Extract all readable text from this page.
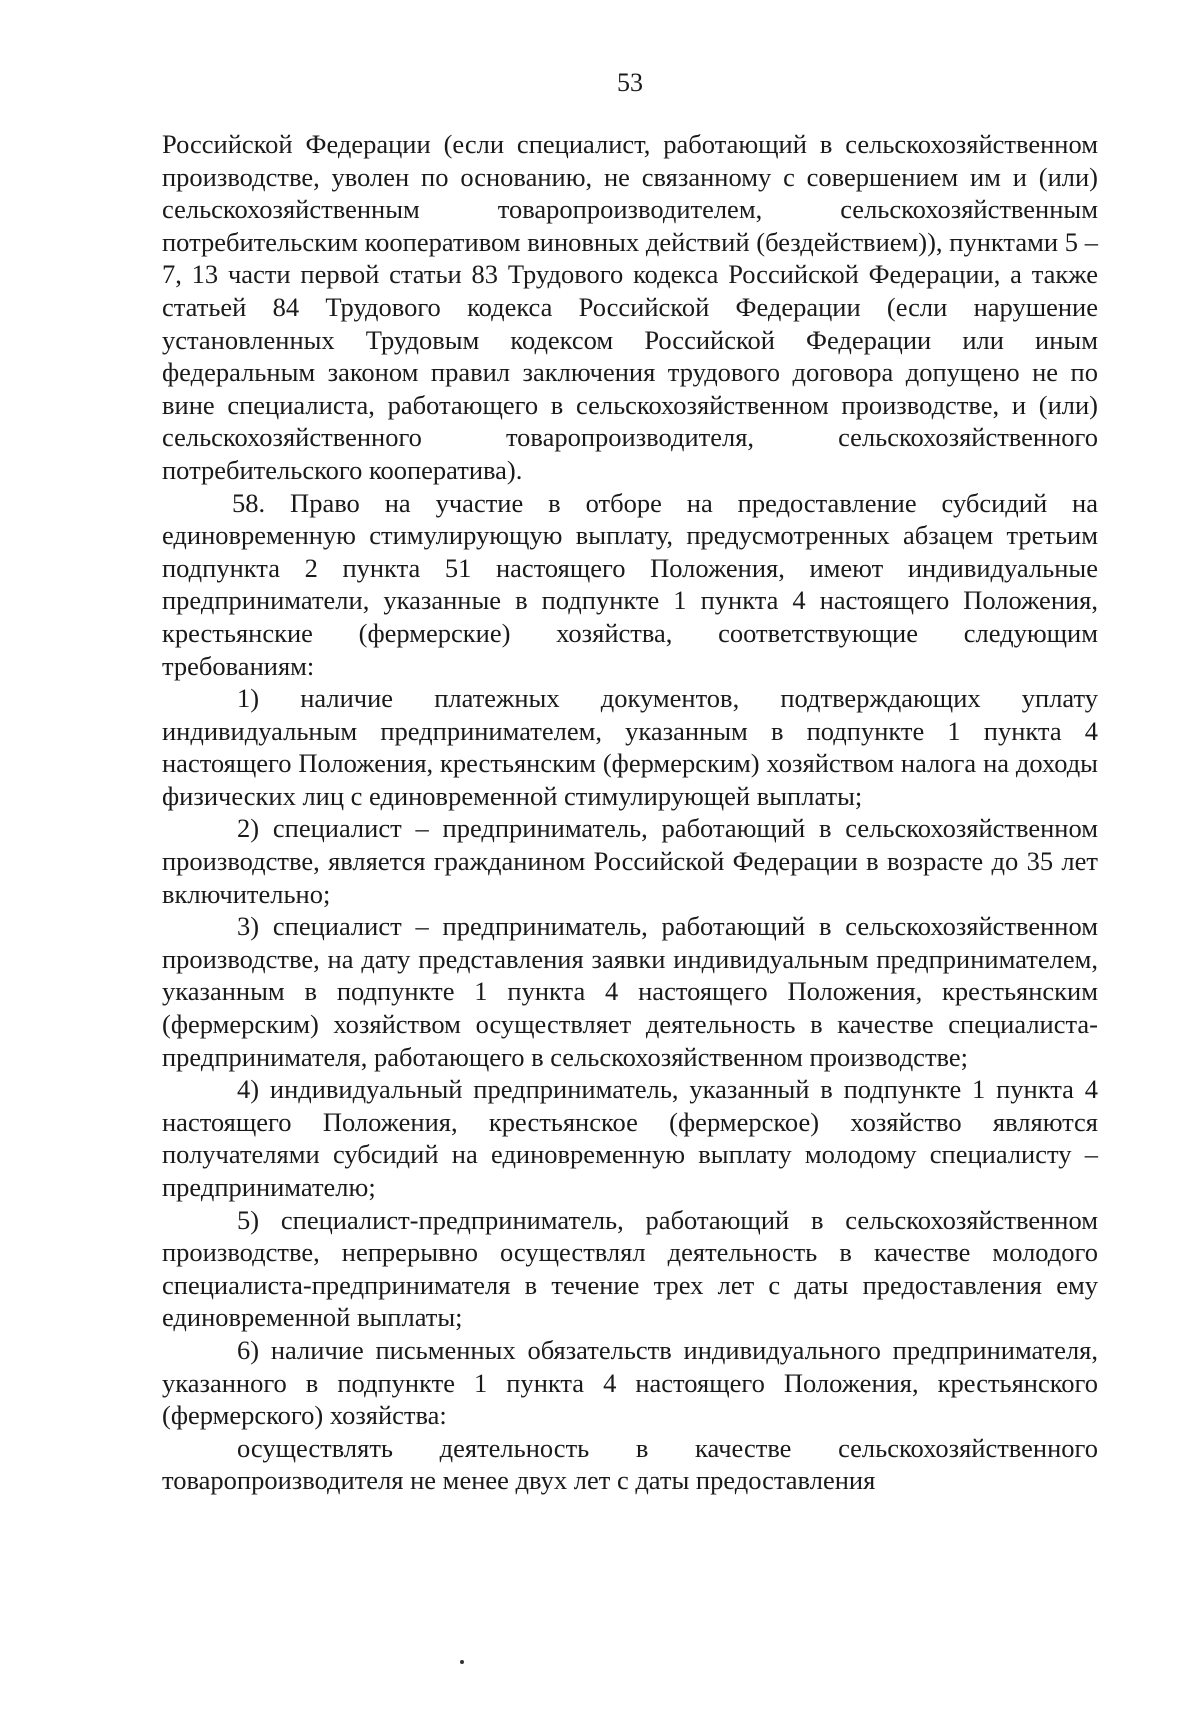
53

Российской Федерации (если специалист, работающий в сельскохозяйственном производстве, уволен по основанию, не связанному с совершением им и (или) сельскохозяйственным товаропроизводителем, сельскохозяйственным потребительским кооперативом виновных действий (бездействием)), пунктами 5 – 7, 13 части первой статьи 83 Трудового кодекса Российской Федерации, а также статьей 84 Трудового кодекса Российской Федерации (если нарушение установленных Трудовым кодексом Российской Федерации или иным федеральным законом правил заключения трудового договора допущено не по вине специалиста, работающего в сельскохозяйственном производстве, и (или) сельскохозяйственного товаропроизводителя, сельскохозяйственного потребительского кооператива).

58. Право на участие в отборе на предоставление субсидий на единовременную стимулирующую выплату, предусмотренных абзацем третьим подпункта 2 пункта 51 настоящего Положения, имеют индивидуальные предприниматели, указанные в подпункте 1 пункта 4 настоящего Положения, крестьянские (фермерские) хозяйства, соответствующие следующим требованиям:

1) наличие платежных документов, подтверждающих уплату индивидуальным предпринимателем, указанным в подпункте 1 пункта 4 настоящего Положения, крестьянским (фермерским) хозяйством налога на доходы физических лиц с единовременной стимулирующей выплаты;

2) специалист – предприниматель, работающий в сельскохозяйственном производстве, является гражданином Российской Федерации в возрасте до 35 лет включительно;

3) специалист – предприниматель, работающий в сельскохозяйственном производстве, на дату представления заявки индивидуальным предпринимателем, указанным в подпункте 1 пункта 4 настоящего Положения, крестьянским (фермерским) хозяйством осуществляет деятельность в качестве специалиста-предпринимателя, работающего в сельскохозяйственном производстве;

4) индивидуальный предприниматель, указанный в подпункте 1 пункта 4 настоящего Положения, крестьянское (фермерское) хозяйство являются получателями субсидий на единовременную выплату молодому специалисту – предпринимателю;

5) специалист-предприниматель, работающий в сельскохозяйственном производстве, непрерывно осуществлял деятельность в качестве молодого специалиста-предпринимателя в течение трех лет с даты предоставления ему единовременной выплаты;

6) наличие письменных обязательств индивидуального предпринимателя, указанного в подпункте 1 пункта 4 настоящего Положения, крестьянского (фермерского) хозяйства:

осуществлять деятельность в качестве сельскохозяйственного товаропроизводителя не менее двух лет с даты предоставления
